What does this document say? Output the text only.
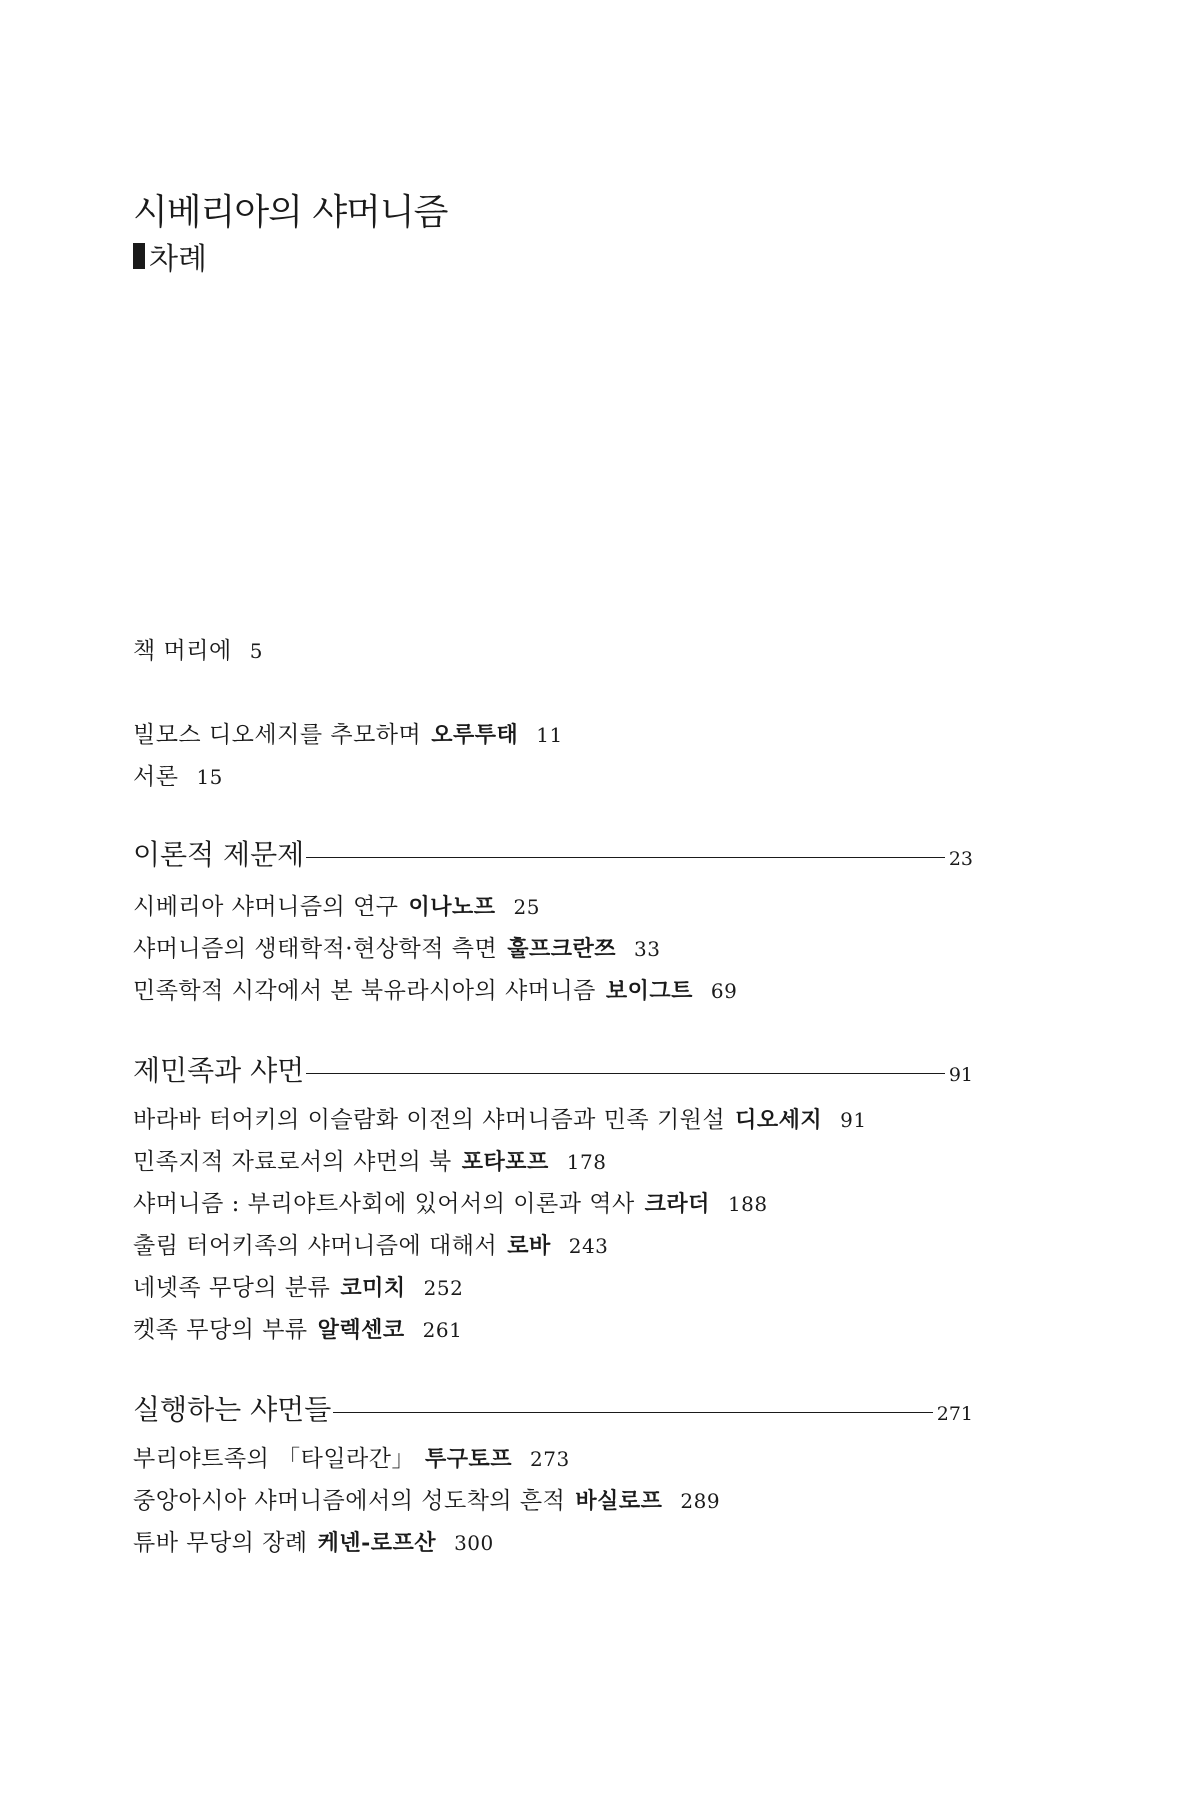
시베리아의 샤머니즘
차례
책 머리에 5
빌모스 디오세지를 추모하며 오루투태 11
서론 15
이론적 제문제	23
시베리아 샤머니즘의 연구 이나노프 25
샤머니즘의 생태학적·현상학적 측면 훌프크란쯔 33
민족학적 시각에서 본 북유라시아의 샤머니즘 보이그트 69
제민족과 샤먼	91
바라바 터어키의 이슬람화 이전의 샤머니즘과 민족 기원설 디오세지 91
민족지적 자료로서의 샤먼의 북 포타포프 178
샤머니즘 : 부리야트사회에 있어서의 이론과 역사 크라더 188
출림 터어키족의 샤머니즘에 대해서 로바 243
네넷족 무당의 분류 코미치 252
켓족 무당의 부류 알렉센코 261
실행하는 샤먼들	271
부리야트족의 「타일라간」 투구토프 273
중앙아시아 샤머니즘에서의 성도착의 흔적 바실로프 289
튜바 무당의 장례 케넨-로프산 300
